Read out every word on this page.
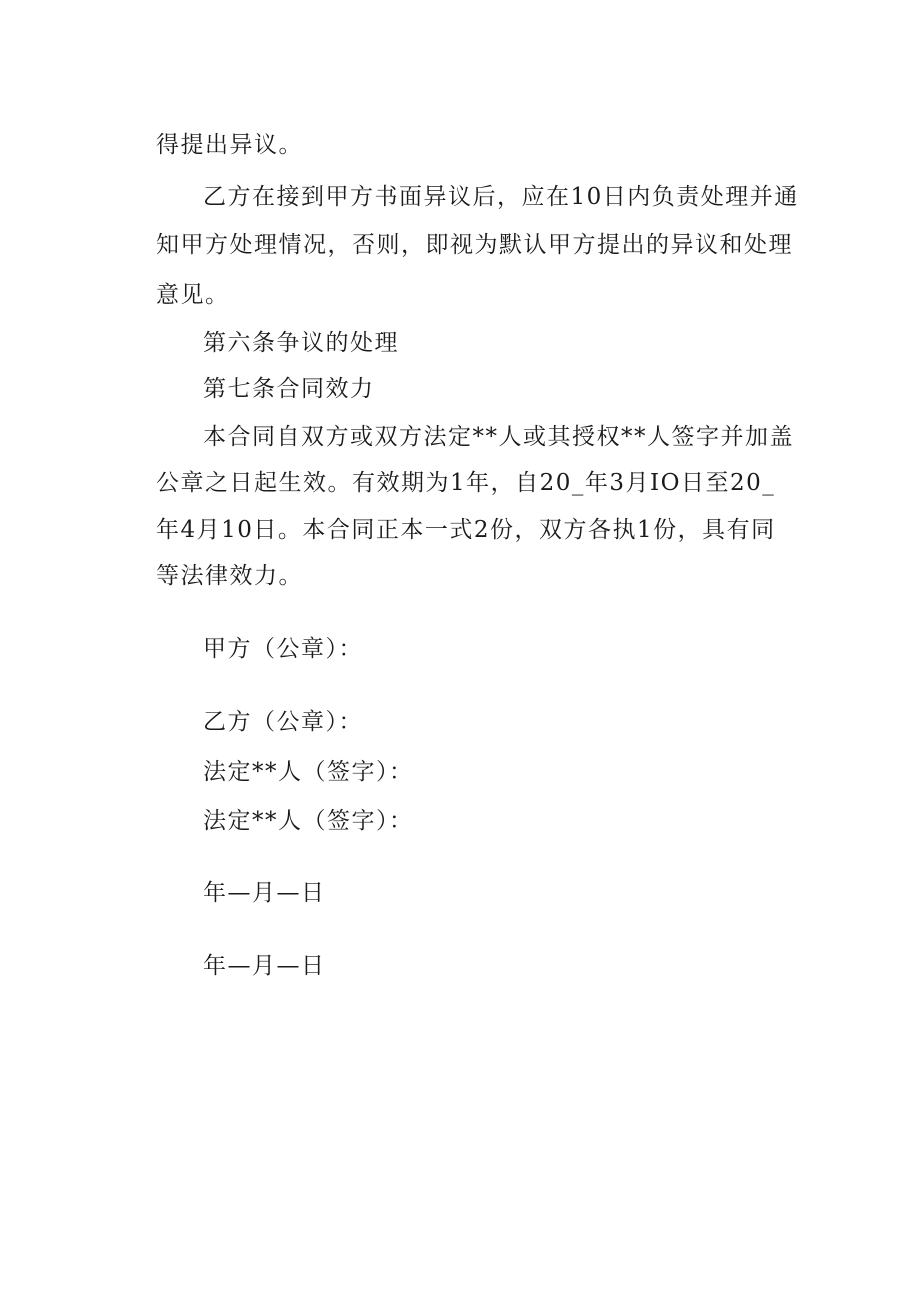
得提出异议。
乙方在接到甲方书面异议后，应在10日内负责处理并通
知甲方处理情况，否则，即视为默认甲方提出的异议和处理
意见。
第六条争议的处理
第七条合同效力
本合同自双方或双方法定**人或其授权**人签字并加盖
公章之日起生效。有效期为1年，自20_年3月IO日至20_
年4月10日。本合同正本一式2份，双方各执1份，具有同
等法律效力。
甲方（公章）：
乙方（公章）：
法定**人（签字）：
法定**人（签字）：
年—月—日
年—月—日
